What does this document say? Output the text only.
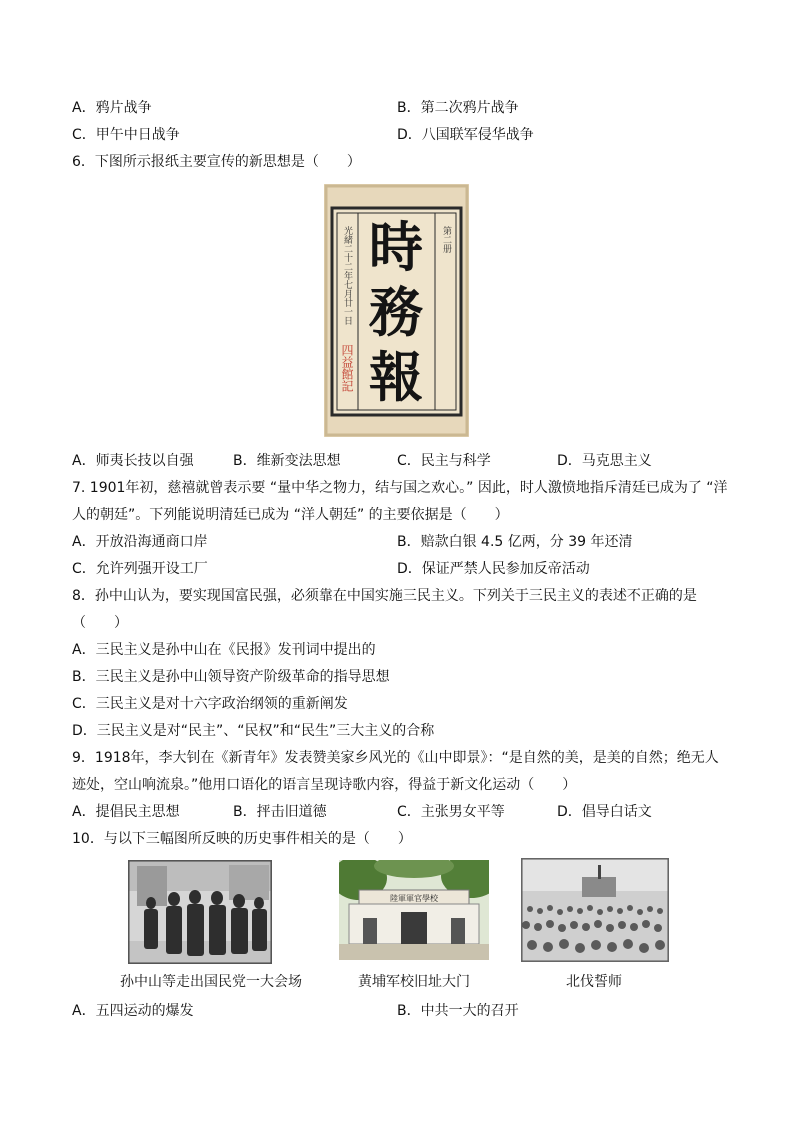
A．鸦片战争	B．第二次鸦片战争
C．甲午中日战争	D．八国联军侵华战争
6．下图所示报纸主要宣传的新思想是（　　）
時
務
報
光緒二十二年七月廿一日	第二册
四益館記
A．师夷长技以自强	B．维新变法思想	C．民主与科学	D．马克思主义
7. 1901年初，慈禧就曾表示要 “量中华之物力，结与国之欢心。” 因此，时人激愤地指斥清廷已成为了 “洋
人的朝廷”。下列能说明清廷已成为 “洋人朝廷” 的主要依据是（　　）
A．开放沿海通商口岸	B．赔款白银 4.5 亿两，分 39 年还清
C．允许列强开设工厂	D．保证严禁人民参加反帝活动
8．孙中山认为，要实现国富民强，必须靠在中国实施三民主义。下列关于三民主义的表述不正确的是
（　　）
A．三民主义是孙中山在《民报》发刊词中提出的
B．三民主义是孙中山领导资产阶级革命的指导思想
C．三民主义是对十六字政治纲领的重新阐发
D．三民主义是对“民主”、“民权”和“民生”三大主义的合称
9．1918年，李大钊在《新青年》发表赞美家乡风光的《山中即景》：“是自然的美，是美的自然；绝无人
迹处，空山响流泉。”他用口语化的语言呈现诗歌内容，得益于新文化运动（　　）
A．提倡民主思想	B．抨击旧道德	C．主张男女平等	D．倡导白话文
10．与以下三幅图所反映的历史事件相关的是（　　）
陸軍軍官學校
孙中山等走出国民党一大会场	黄埔军校旧址大门	北伐誓师
A．五四运动的爆发	B．中共一大的召开
